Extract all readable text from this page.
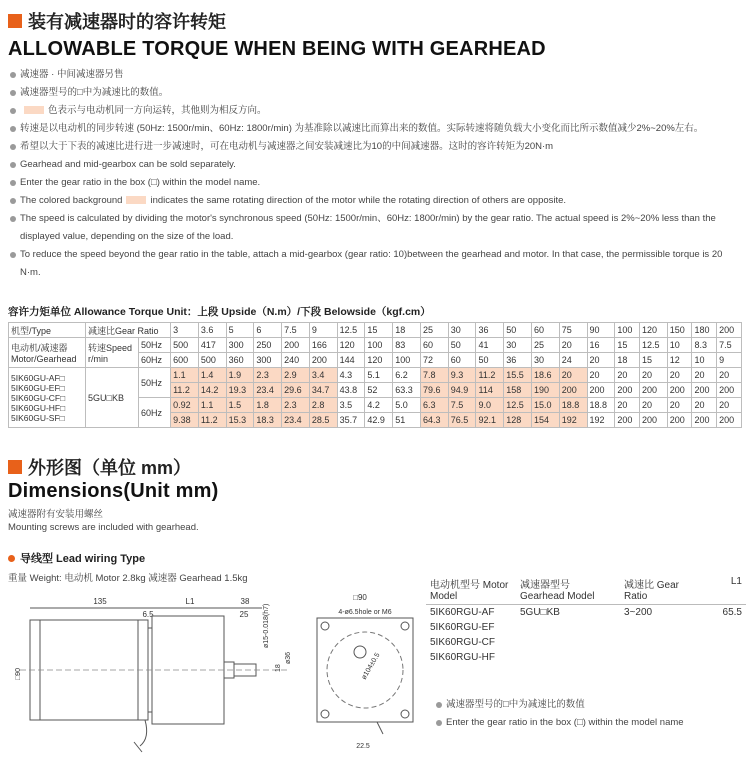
装有减速器时的容许转矩
ALLOWABLE TORQUE WHEN BEING WITH GEARHEAD
减速器 · 中间减速器另售
减速器型号的□中为减速比的数值。
色表示与电动机同一方向运转，其他则为相反方向。
转速是以电动机的同步转速 (50Hz: 1500r/min、60Hz: 1800r/min) 为基准除以减速比而算出来的数值。实际转速将随负载大小变化而比所示数值减少2%~20%左右。
希望以大于下表的减速比进行进一步减速时，可在电动机与减速器之间安装减速比为10的中间减速器。这时的容许转矩为20N·m
Gearhead and mid-gearbox can be sold separately.
Enter the gear ratio in the box (□) within the model name.
The colored background	indicates the same rotating direction of the motor while the rotating direction of others are opposite.
The speed is calculated by dividing the motor's synchronous speed (50Hz: 1500r/min、60Hz: 1800r/min) by the gear ratio. The actual speed is 2%~20% less than the displayed value, depending on the size of the load.
To reduce the speed beyond the gear ratio in the table, attach a mid-gearbox (gear ratio: 10)between the gearhead and motor. In that case, the permissible torque is 20 N·m.
容许力矩单位 Allowance Torque Unit：上段 Upside（N.m）/下段 Belowside（kgf.cm）
机型/Type	减速比Gear Ratio		3	3.6	5	6	7.5	9	12.5	15	18	25	30	36	50	60	75	90	100	120	150	180	200
电动机/减速器 Motor/Gearhead	转速Speed r/min	50Hz	500	417	300	250	200	166	120	100	83	60	50	41	30	25	20	16	15	12.5	10	8.3	7.5
		60Hz	600	500	360	300	240	200	144	120	100	72	60	50	36	30	24	20	18	15	12	10	9

5IK60GU-AF□
5IK60GU-EF□
5IK60GU-CF□
5IK60GU-HF□
5IK60GU-SF□	5GU□KB	50Hz	1.1	1.4	1.9	2.3	2.9	3.4	4.3	5.1	6.2	7.8	9.3	11.2	15.5	18.6	20	20	20	20	20	20	20
			11.2	14.2	19.3	23.4	29.6	34.7	43.8	52	63.3	79.6	94.9	114	158	190	200	200	200	200	200	200	200
		60Hz	0.92	1.1	1.5	1.8	2.3	2.8	3.5	4.2	5.0	6.3	7.5	9.0	12.5	15.0	18.8	18.8	20	20	20	20	20
			9.38	11.2	15.3	18.3	23.4	28.5	35.7	42.9	51	64.3	76.5	92.1	128	154	192	192	200	200	200	200	200
外形图（单位 mm）
Dimensions(Unit mm)
减速器附有安装用螺丝
Mounting screws are included with gearhead.
导线型 Lead wiring Type
重量 Weight: 电动机 Motor 2.8kg 减速器 Gearhead 1.5kg
135	L1	38
6.5	25 ø15-0.018(h7)
18
ø36
□90
□90
4-ø6.5hole or M6
ø104±0.5
22.5
电动机型号 Motor Model	减速器型号 Gearhead Model	减速比 Gear Ratio	L1
5IK60RGU-AF	5GU□KB	3~200	65.5
5IK60RGU-EF			
5IK60RGU-CF			
5IK60RGU-HF			
减速器型号的□中为减速比的数值
Enter the gear ratio in the box (□) within the model name
